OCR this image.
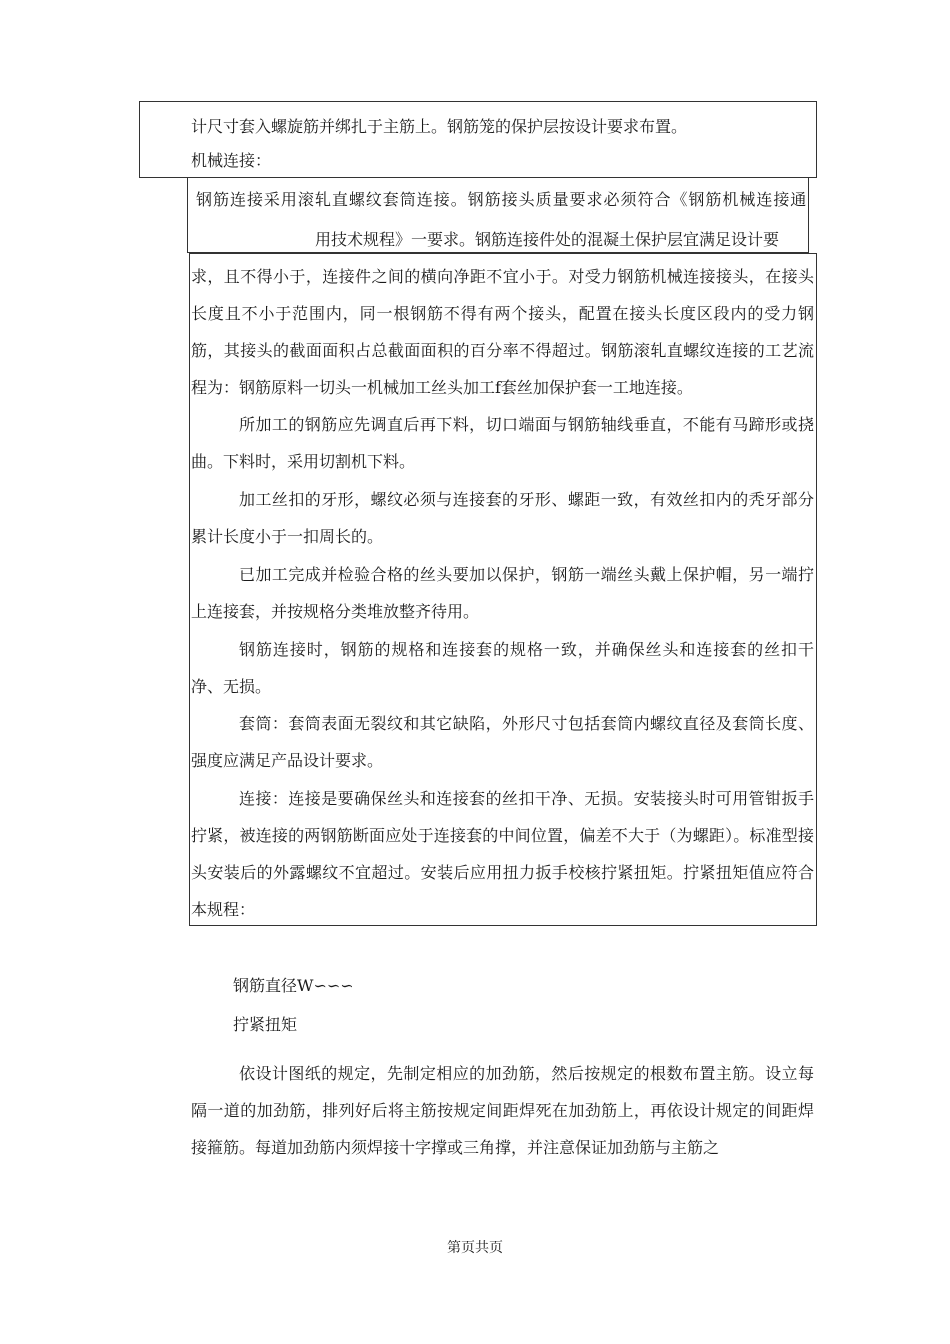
计尺寸套入螺旋筋并绑扎于主筋上。钢筋笼的保护层按设计要求布置。
机械连接：
钢筋连接采用滚轧直螺纹套筒连接。钢筋接头质量要求必须符合《钢筋机械连接通
用技术规程》一要求。钢筋连接件处的混凝土保护层宜满足设计要
求，且不得小于，连接件之间的横向净距不宜小于。对受力钢筋机械连接接头，在接头长度且不小于范围内，同一根钢筋不得有两个接头，配置在接头长度区段内的受力钢筋，其接头的截面面积占总截面面积的百分率不得超过。钢筋滚轧直螺纹连接的工艺流程为：钢筋原料一切头一机械加工丝头加工f套丝加保护套一工地连接。
所加工的钢筋应先调直后再下料，切口端面与钢筋轴线垂直，不能有马蹄形或挠曲。下料时，采用切割机下料。
加工丝扣的牙形，螺纹必须与连接套的牙形、螺距一致，有效丝扣内的秃牙部分累计长度小于一扣周长的。
已加工完成并检验合格的丝头要加以保护，钢筋一端丝头戴上保护帽，另一端拧上连接套，并按规格分类堆放整齐待用。
钢筋连接时，钢筋的规格和连接套的规格一致，并确保丝头和连接套的丝扣干净、无损。
套筒：套筒表面无裂纹和其它缺陷，外形尺寸包括套筒内螺纹直径及套筒长度、强度应满足产品设计要求。
连接：连接是要确保丝头和连接套的丝扣干净、无损。安装接头时可用管钳扳手拧紧，被连接的两钢筋断面应处于连接套的中间位置，偏差不大于（为螺距）。标准型接头安装后的外露螺纹不宜超过。安装后应用扭力扳手校核拧紧扭矩。拧紧扭矩值应符合本规程：
钢筋直径W∽∽∽
拧紧扭矩
依设计图纸的规定，先制定相应的加劲筋，然后按规定的根数布置主筋。设立每隔一道的加劲筋，排列好后将主筋按规定间距焊死在加劲筋上，再依设计规定的间距焊接箍筋。每道加劲筋内须焊接十字撑或三角撑，并注意保证加劲筋与主筋之
第页共页
